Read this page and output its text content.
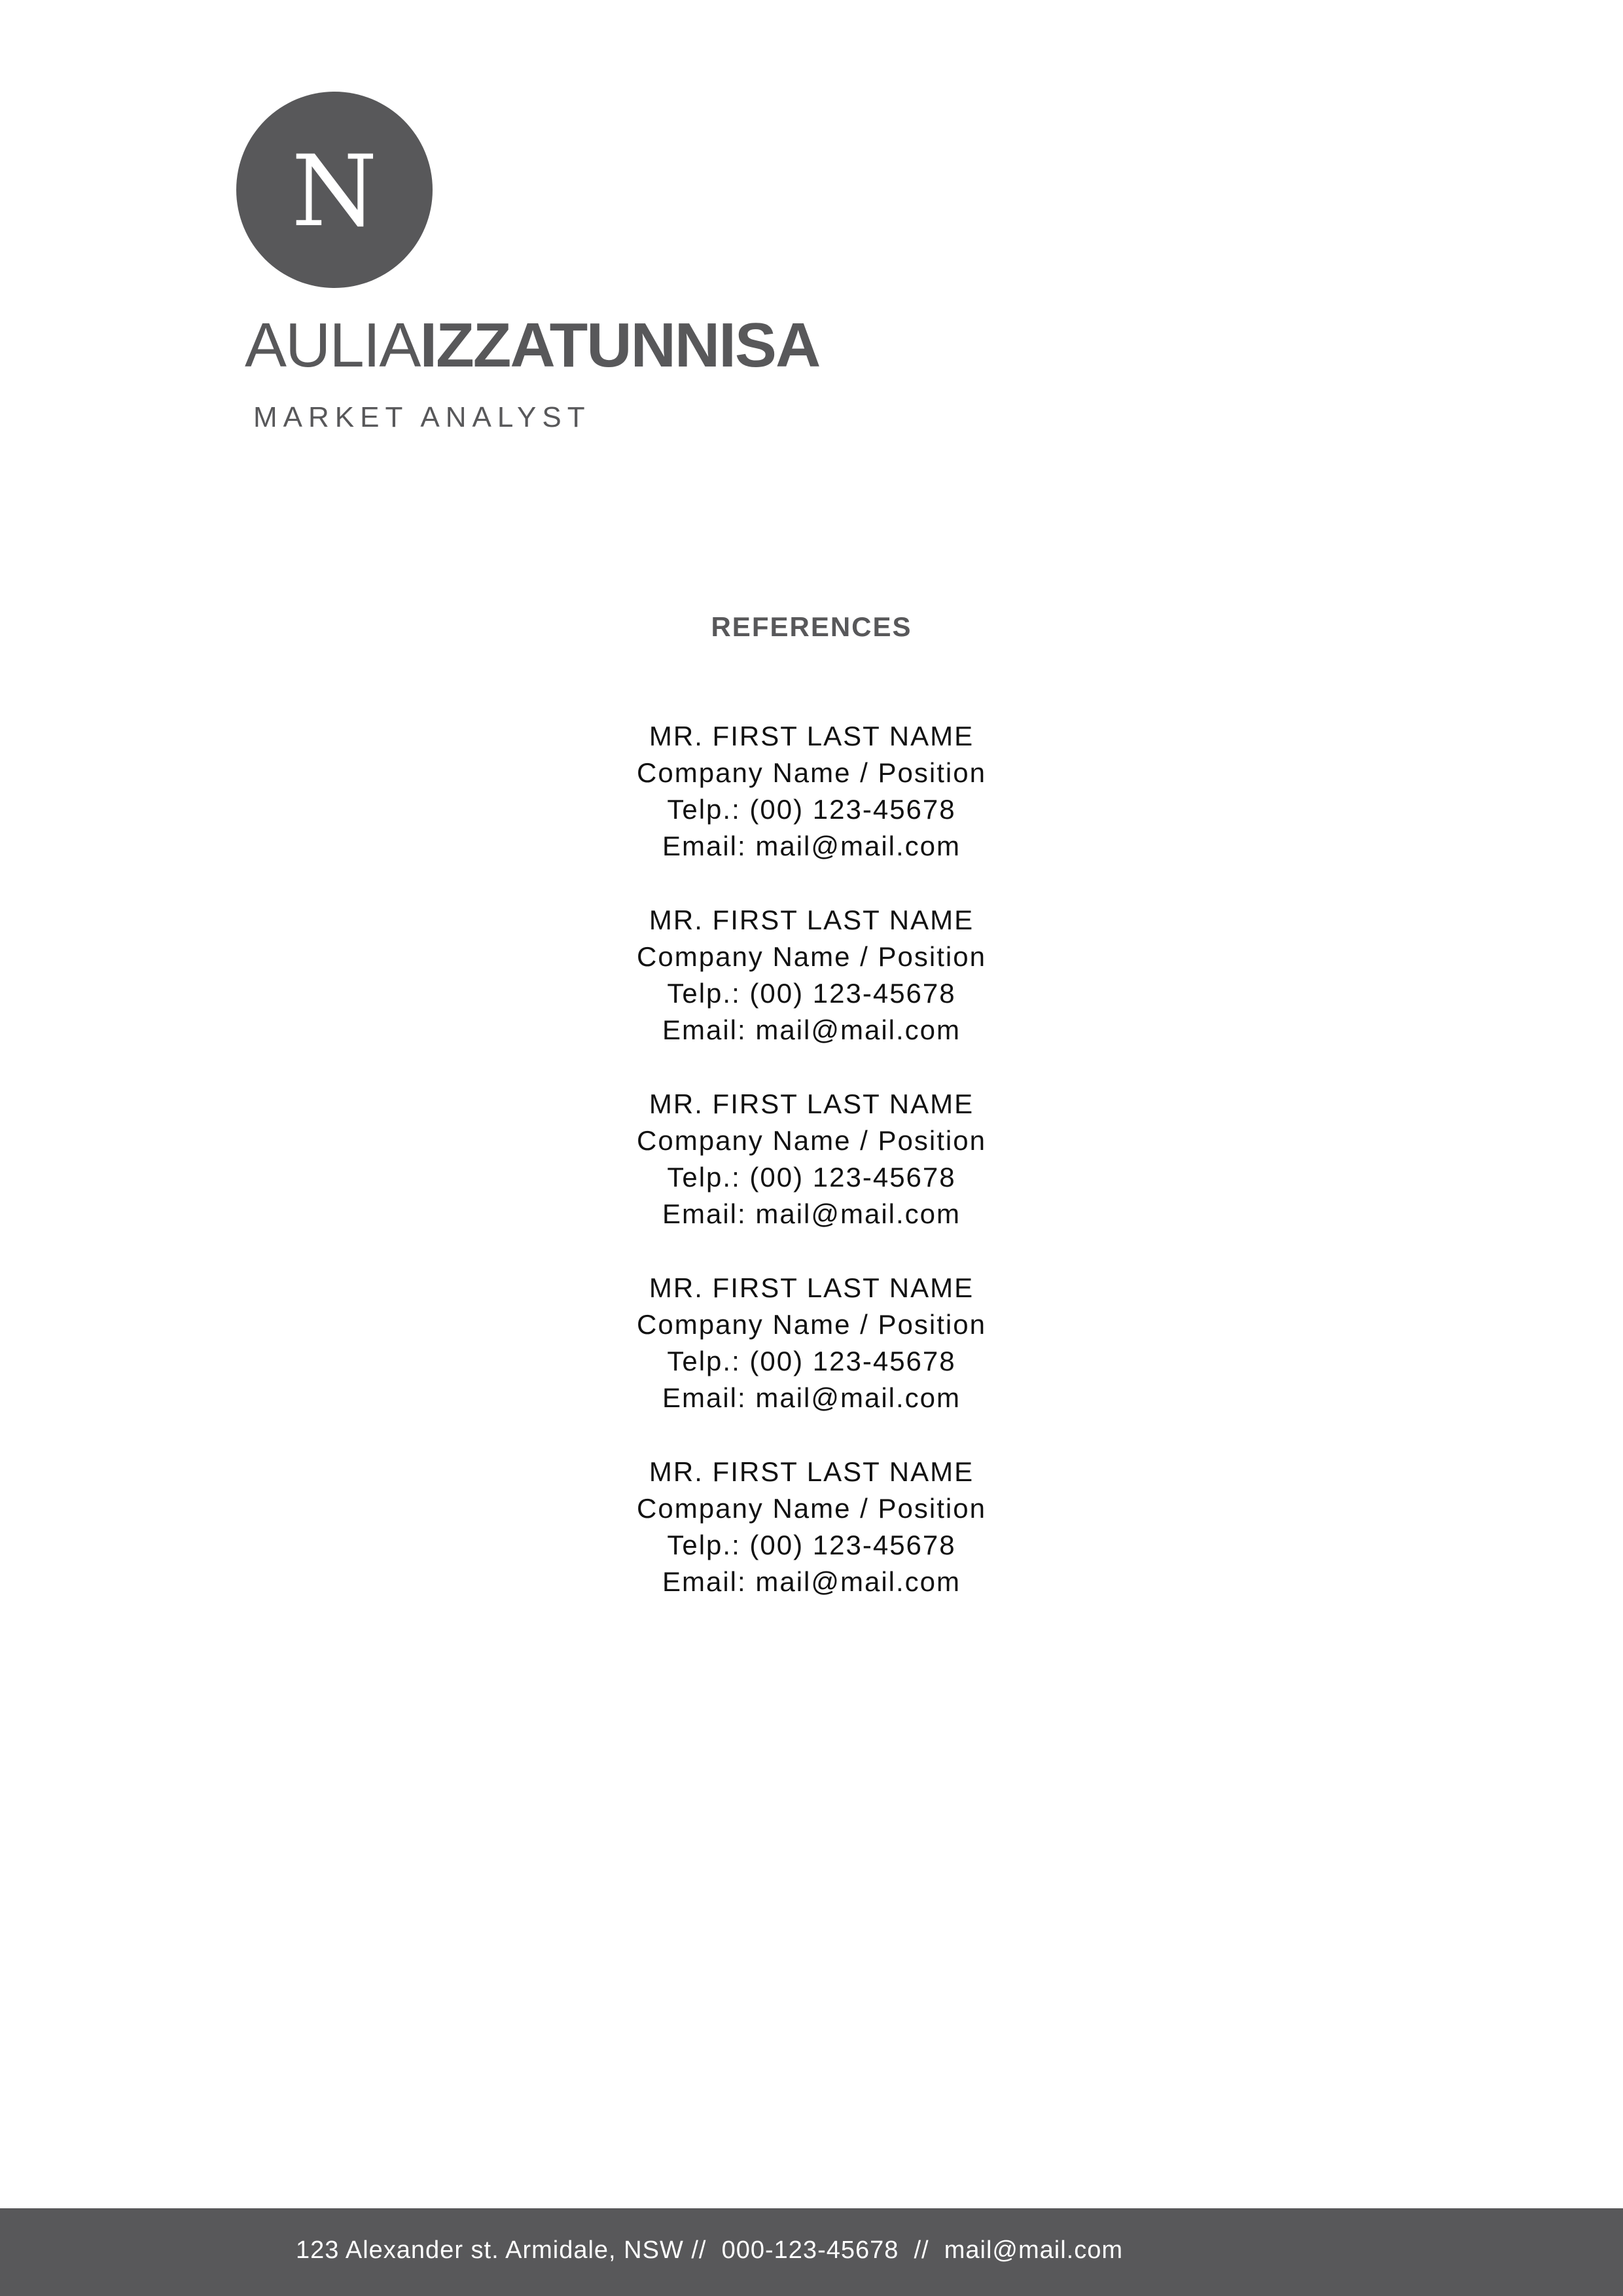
N
AULIAIZZATUNNISA
MARKET ANALYST
REFERENCES
MR. FIRST LAST NAME
Company Name / Position
Telp.: (00) 123-45678
Email: mail@mail.com
MR. FIRST LAST NAME
Company Name / Position
Telp.: (00) 123-45678
Email: mail@mail.com
MR. FIRST LAST NAME
Company Name / Position
Telp.: (00) 123-45678
Email: mail@mail.com
MR. FIRST LAST NAME
Company Name / Position
Telp.: (00) 123-45678
Email: mail@mail.com
MR. FIRST LAST NAME
Company Name / Position
Telp.: (00) 123-45678
Email: mail@mail.com
123 Alexander st. Armidale, NSW //  000-123-45678  //  mail@mail.com
